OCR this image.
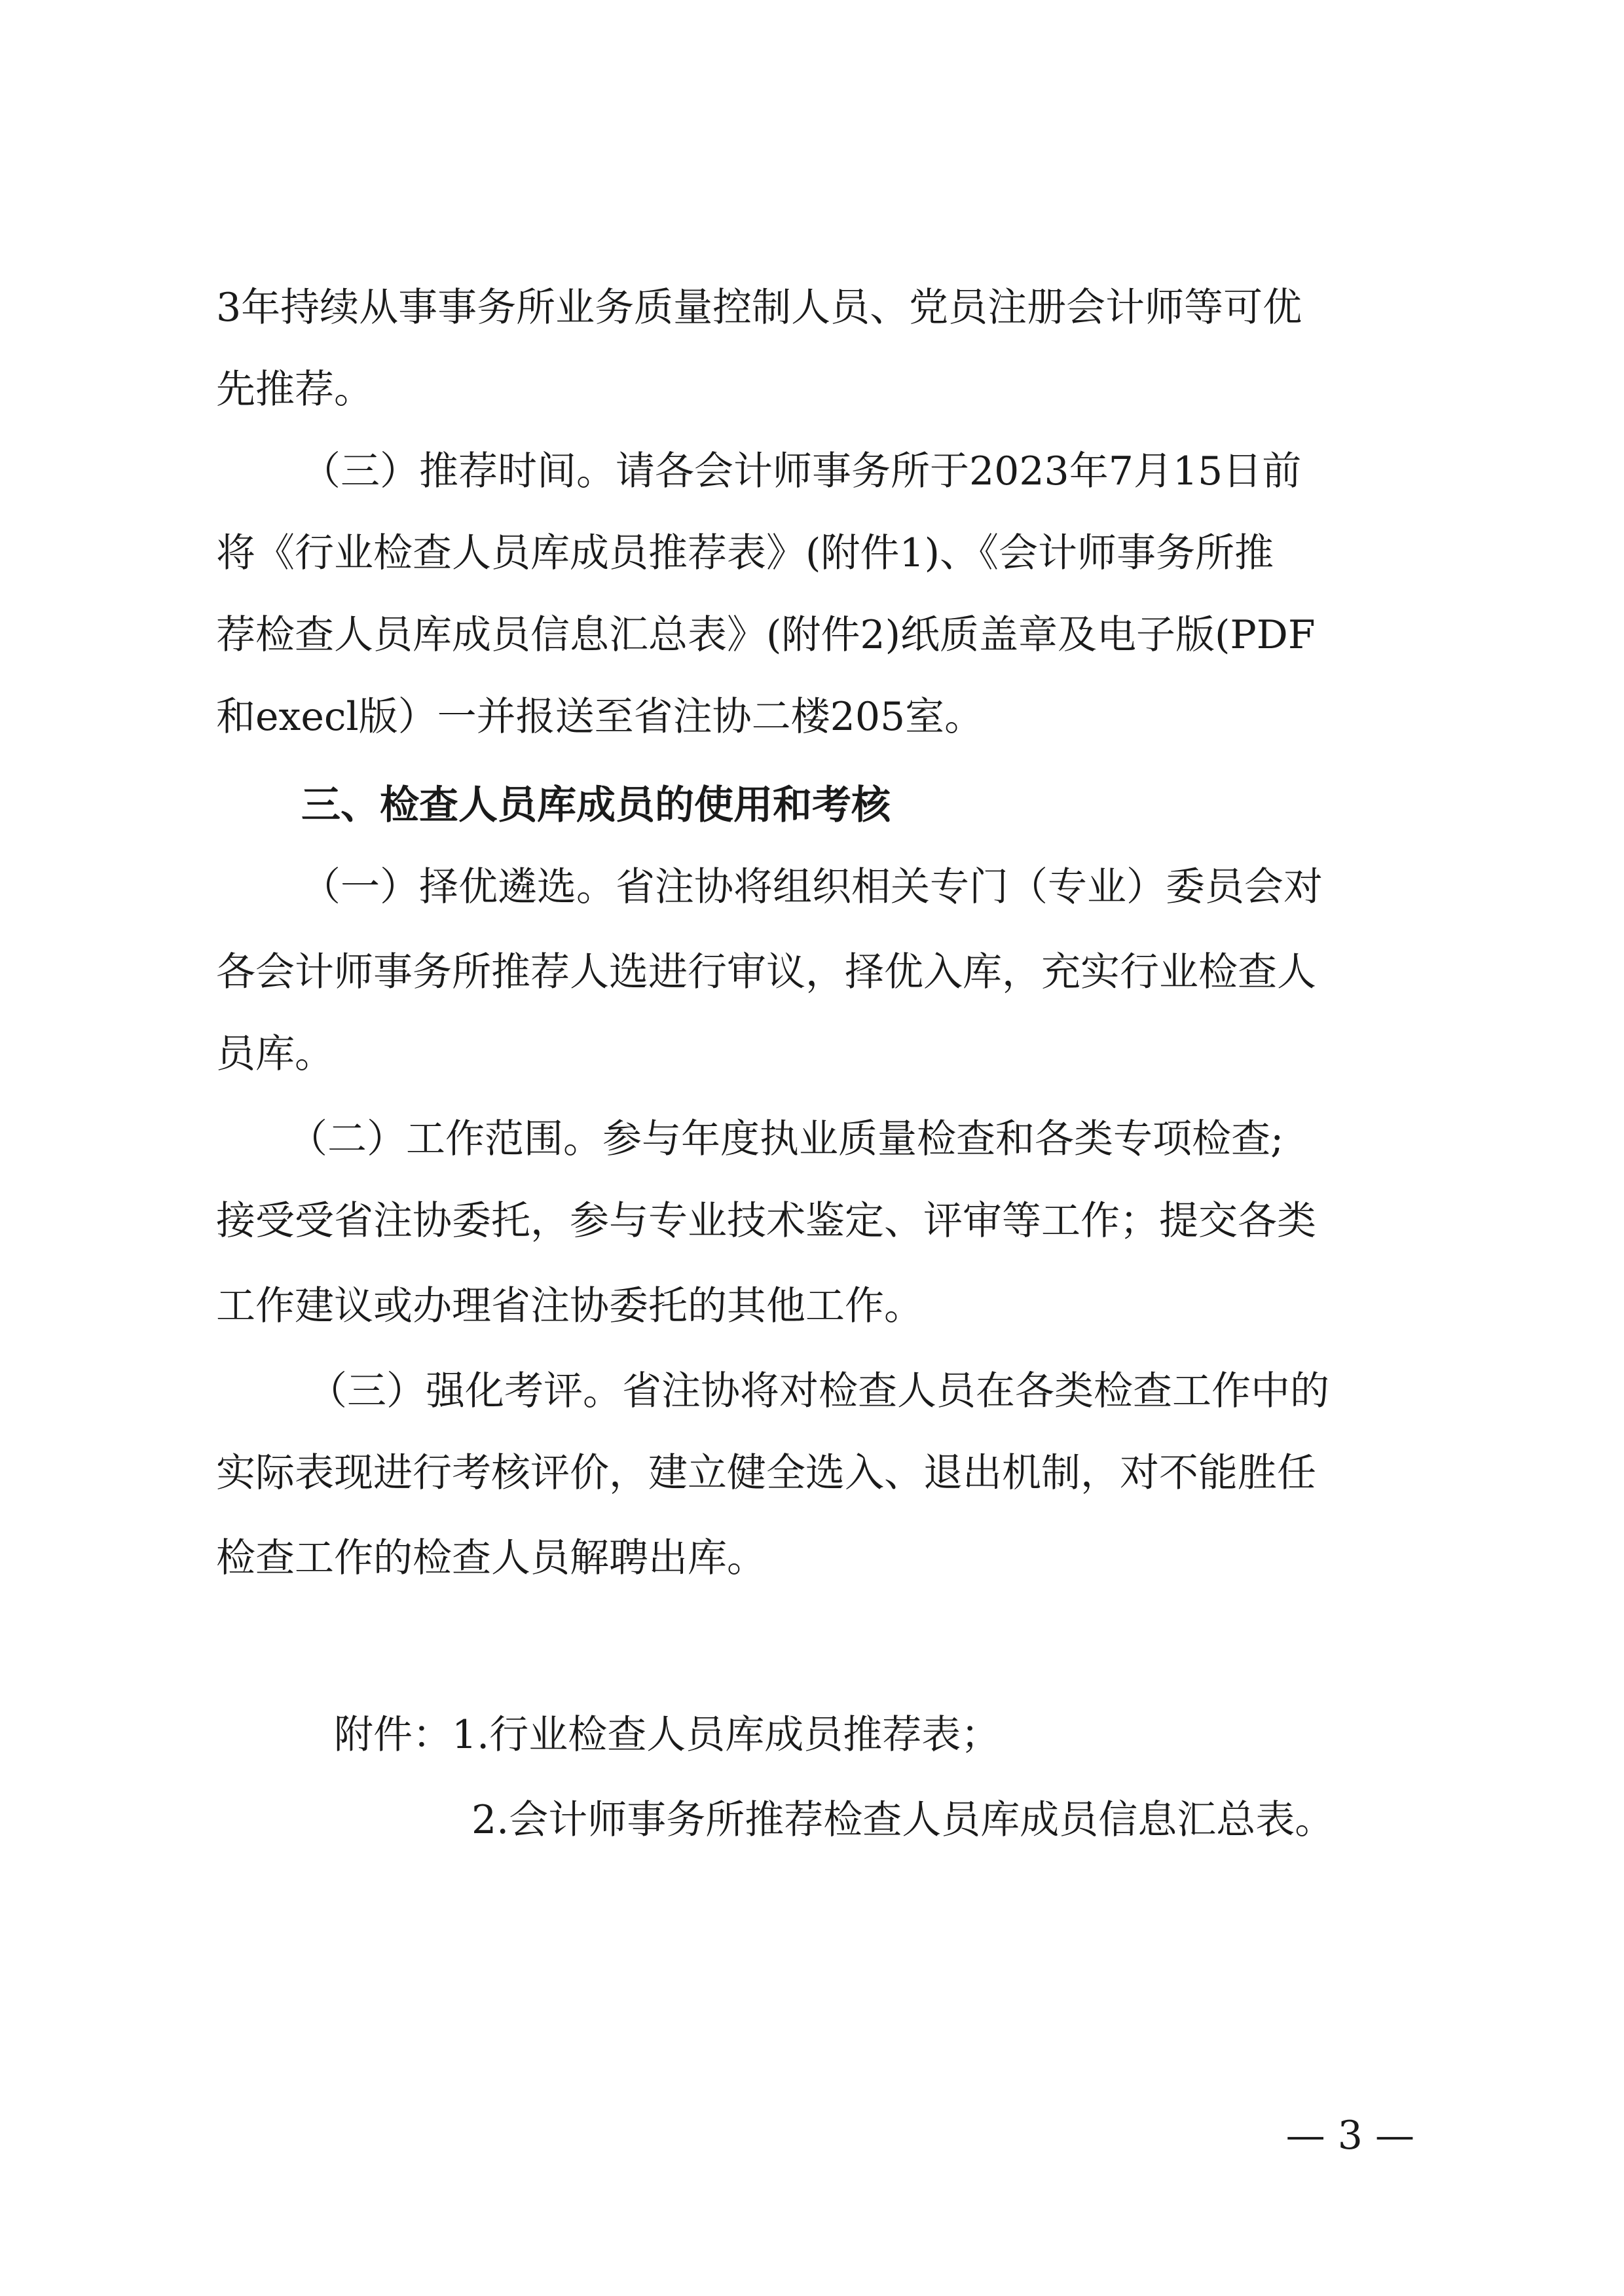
3年持续从事事务所业务质量控制人员、党员注册会计师等可优
先推荐。
（三）推荐时间。请各会计师事务所于2023年7月15日前
将《行业检查人员库成员推荐表》(附件1)、《会计师事务所推
荐检查人员库成员信息汇总表》(附件2)纸质盖章及电子版(PDF
和execl版）一并报送至省注协二楼205室。
三、检查人员库成员的使用和考核
（一）择优遴选。省注协将组织相关专门（专业）委员会对
各会计师事务所推荐人选进行审议，择优入库，充实行业检查人
员库。
（二）工作范围。参与年度执业质量检查和各类专项检查;
接受受省注协委托，参与专业技术鉴定、评审等工作；提交各类
工作建议或办理省注协委托的其他工作。
（三）强化考评。省注协将对检查人员在各类检查工作中的
实际表现进行考核评价，建立健全选入、退出机制，对不能胜任
检查工作的检查人员解聘出库。
附件：1.行业检查人员库成员推荐表；
2.会计师事务所推荐检查人员库成员信息汇总表。
— 3 —
